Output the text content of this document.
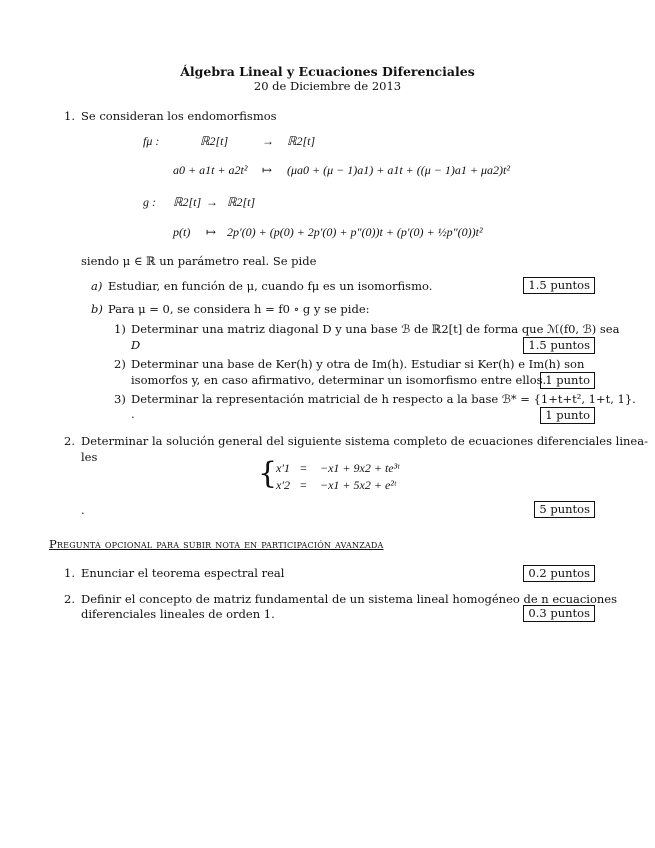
Álgebra Lineal y Ecuaciones Diferenciales
20 de Diciembre de 2013
1. Se consideran los endomorfismos
fμ :	ℝ2[t]	→ ℝ2[t]
a0 + a1t + a2t² ↦ (μa0 + (μ − 1)a1) + a1t + ((μ − 1)a1 + μa2)t²
g : ℝ2[t] → ℝ2[t]
p(t) ↦ 2p′(0) + (p(0) + 2p′(0) + p″(0))t + (p′(0) + ½p″(0))t²
siendo μ ∈ ℝ un parámetro real. Se pide
a) Estudiar, en función de μ, cuando fμ es un isomorfismo.	1.5 puntos
b) Para μ = 0, se considera h = f0 ∘ g y se pide:
1) Determinar una matriz diagonal D y una base ℬ de ℝ2[t] de forma que ℳ(f0, ℬ) sea
D	1.5 puntos
2) Determinar una base de Ker(h) y otra de Im(h). Estudiar si Ker(h) e Im(h) son
isomorfos y, en caso afirmativo, determinar un isomorfismo entre ellos. 1 punto
3) Determinar la representación matricial de h respecto a la base ℬ* = {1+t+t², 1+t, 1}.
.	1 punto
2. Determinar la solución general del siguiente sistema completo de ecuaciones diferenciales linea-
les	{
x′1 = −x1 + 9x2 + te³ᵗ
x′2 = −x1 + 5x2 + e²ᵗ
.	5 puntos
Pregunta opcional para subir nota en participación avanzada
1. Enunciar el teorema espectral real	0.2 puntos
2. Definir el concepto de matriz fundamental de un sistema lineal homogéneo de n ecuaciones
diferenciales lineales de orden 1.	0.3 puntos
